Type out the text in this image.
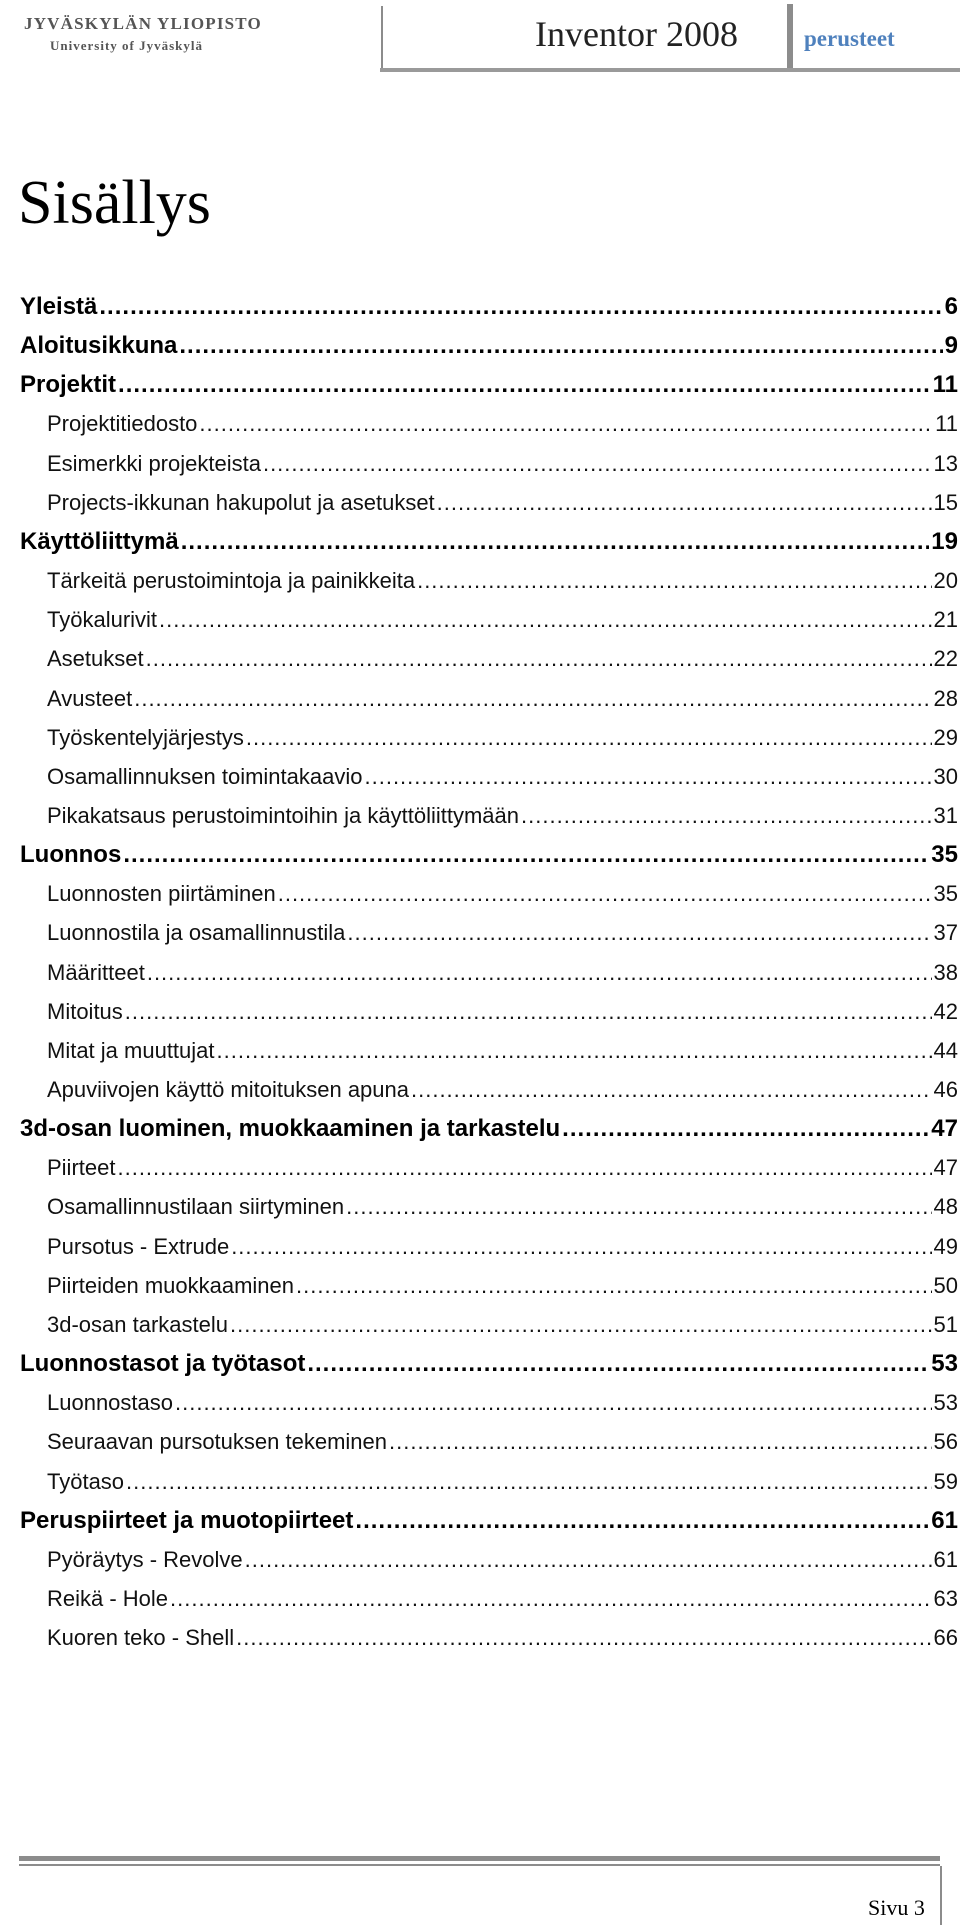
JYVÄSKYLÄN YLIOPISTO
University of Jyväskylä	Inventor 2008	perusteet
Sisällys
Yleistä .....	6
Aloitusikkuna .....	9
Projektit .....	11
Projektitiedosto .....	11
Esimerkki projekteista .....	13
Projects-ikkunan hakupolut ja asetukset .....	15
Käyttöliittymä .....	19
Tärkeitä perustoimintoja ja painikkeita .....	20
Työkalurivit .....	21
Asetukset .....	22
Avusteet .....	28
Työskentelyjärjestys .....	29
Osamallinnuksen toimintakaavio .....	30
Pikakatsaus perustoimintoihin ja käyttöliittymään .....	31
Luonnos .....	35
Luonnosten piirtäminen .....	35
Luonnostila ja osamallinnustila .....	37
Määritteet .....	38
Mitoitus .....	42
Mitat ja muuttujat .....	44
Apuviivojen käyttö mitoituksen apuna .....	46
3d-osan luominen, muokkaaminen ja tarkastelu .....	47
Piirteet .....	47
Osamallinnustilaan siirtyminen .....	48
Pursotus - Extrude .....	49
Piirteiden muokkaaminen .....	50
3d-osan tarkastelu .....	51
Luonnostasot ja työtasot .....	53
Luonnostaso .....	53
Seuraavan pursotuksen tekeminen .....	56
Työtaso .....	59
Peruspiirteet ja muotopiirteet .....	61
Pyöräytys - Revolve .....	61
Reikä - Hole .....	63
Kuoren teko - Shell .....	66
Sivu 3
